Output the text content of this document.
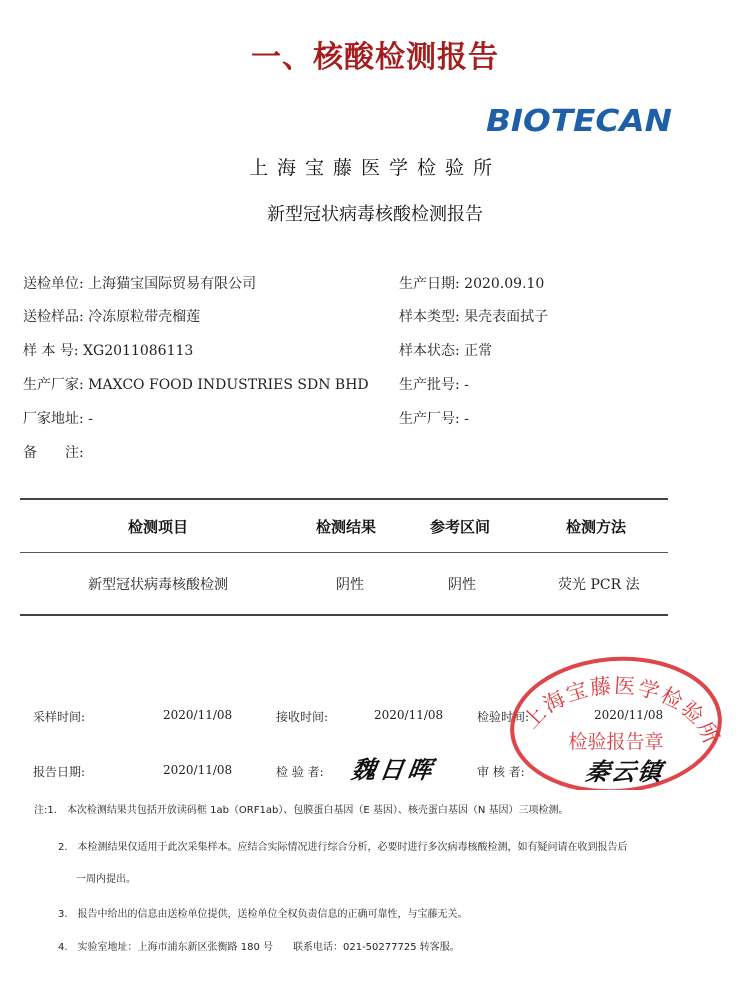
一、核酸检测报告
BIOTECAN
上海宝藤医学检验所
新型冠状病毒核酸检测报告
送检单位: 上海猫宝国际贸易有限公司
送检样品: 冷冻原粒带壳榴莲
样 本 号: XG2011086113
生产厂家: MAXCO FOOD INDUSTRIES SDN BHD
厂家地址: -
备　　注:
生产日期: 2020.09.10
样本类型: 果壳表面拭子
样本状态: 正常
生产批号: -
生产厂号: -
检测项目	检测结果	参考区间	检测方法
新型冠状病毒核酸检测	阴性	阴性	荧光 PCR 法
采样时间:	2020/11/08	接收时间:	2020/11/08	检验时间:	2020/11/08
报告日期:	2020/11/08	检 验 者: 魏日晖	审 核 者: 秦云镇
上海宝藤医学检验所
检验报告章
注:1.　本次检测结果共包括开放读码框 1ab（ORF1ab）、包膜蛋白基因（E 基因）、核壳蛋白基因（N 基因）三项检测。
2.　本检测结果仅适用于此次采集样本。应结合实际情况进行综合分析，必要时进行多次病毒核酸检测，如有疑问请在收到报告后
一周内提出。
3.　报告中给出的信息由送检单位提供，送检单位全权负责信息的正确可靠性，与宝藤无关。
4.　实验室地址：上海市浦东新区张衡路 180 号　　联系电话：021-50277725 转客服。
